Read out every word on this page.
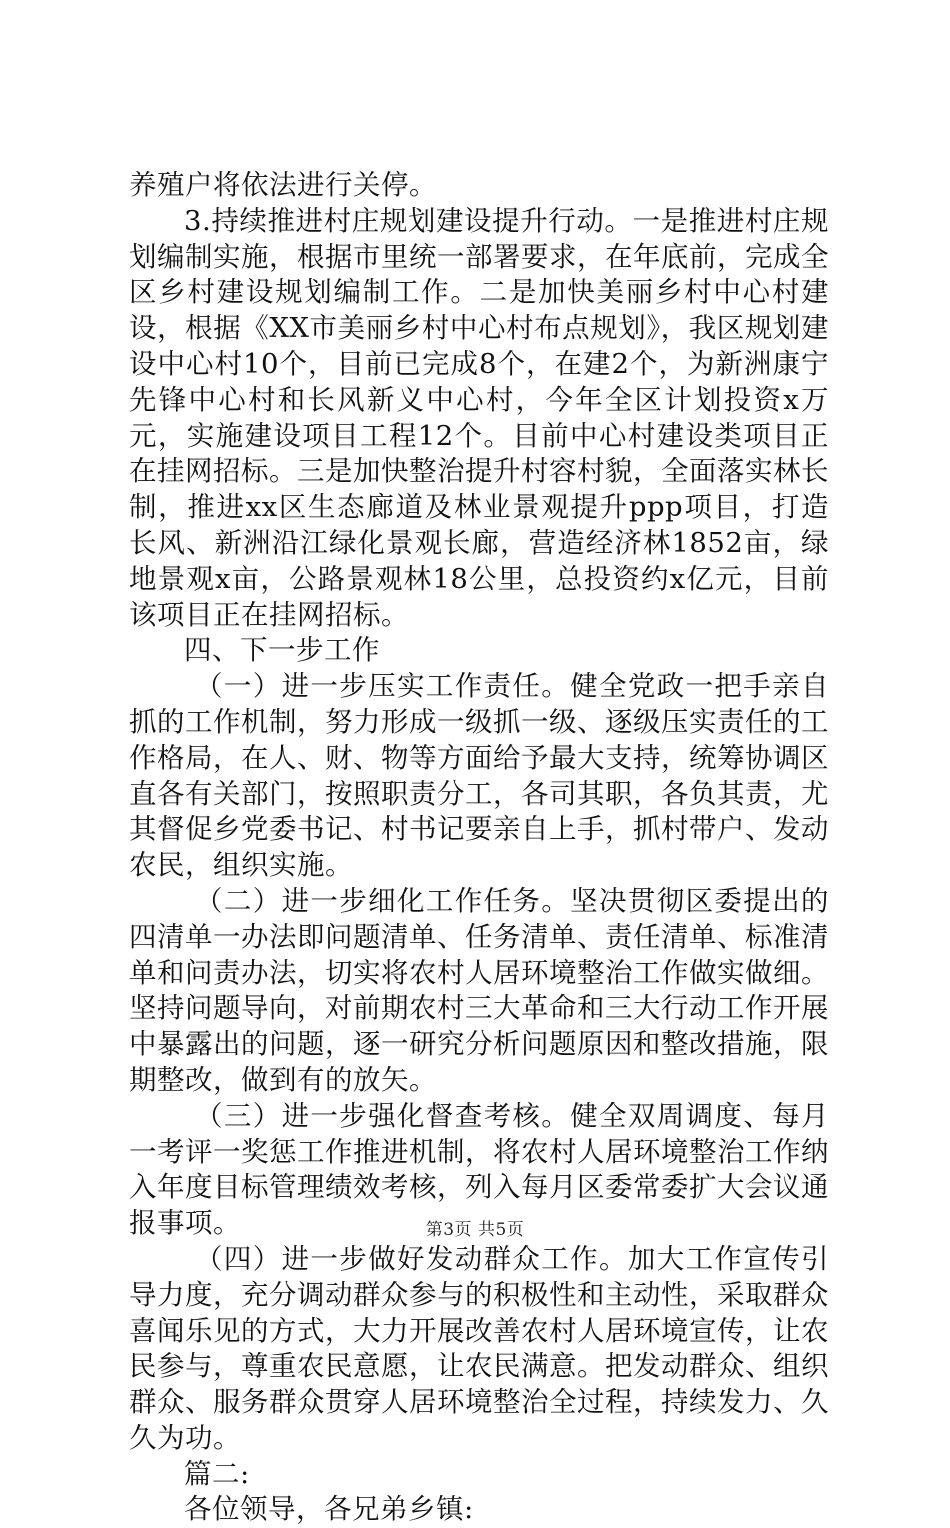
养殖户将依法进行关停。

3.持续推进村庄规划建设提升行动。一是推进村庄规划编制实施，根据市里统一部署要求，在年底前，完成全区乡村建设规划编制工作。二是加快美丽乡村中心村建设，根据《XX市美丽乡村中心村布点规划》，我区规划建设中心村10个，目前已完成8个，在建2个，为新洲康宁先锋中心村和长风新义中心村，今年全区计划投资x万元，实施建设项目工程12个。目前中心村建设类项目正在挂网招标。三是加快整治提升村容村貌，全面落实林长制，推进xx区生态廊道及林业景观提升ppp项目，打造长风、新洲沿江绿化景观长廊，营造经济林1852亩，绿地景观x亩，公路景观林18公里，总投资约x亿元，目前该项目正在挂网招标。

四、下一步工作

（一）进一步压实工作责任。健全党政一把手亲自抓的工作机制，努力形成一级抓一级、逐级压实责任的工作格局，在人、财、物等方面给予最大支持，统筹协调区直各有关部门，按照职责分工，各司其职，各负其责，尤其督促乡党委书记、村书记要亲自上手，抓村带户、发动农民，组织实施。

（二）进一步细化工作任务。坚决贯彻区委提出的四清单一办法即问题清单、任务清单、责任清单、标准清单和问责办法，切实将农村人居环境整治工作做实做细。坚持问题导向，对前期农村三大革命和三大行动工作开展中暴露出的问题，逐一研究分析问题原因和整改措施，限期整改，做到有的放矢。

（三）进一步强化督查考核。健全双周调度、每月一考评一奖惩工作推进机制，将农村人居环境整治工作纳入年度目标管理绩效考核，列入每月区委常委扩大会议通报事项。

（四）进一步做好发动群众工作。加大工作宣传引导力度，充分调动群众参与的积极性和主动性，采取群众喜闻乐见的方式，大力开展改善农村人居环境宣传，让农民参与，尊重农民意愿，让农民满意。把发动群众、组织群众、服务群众贯穿人居环境整治全过程，持续发力、久久为功。

篇二:

各位领导，各兄弟乡镇:

第3页 共5页
